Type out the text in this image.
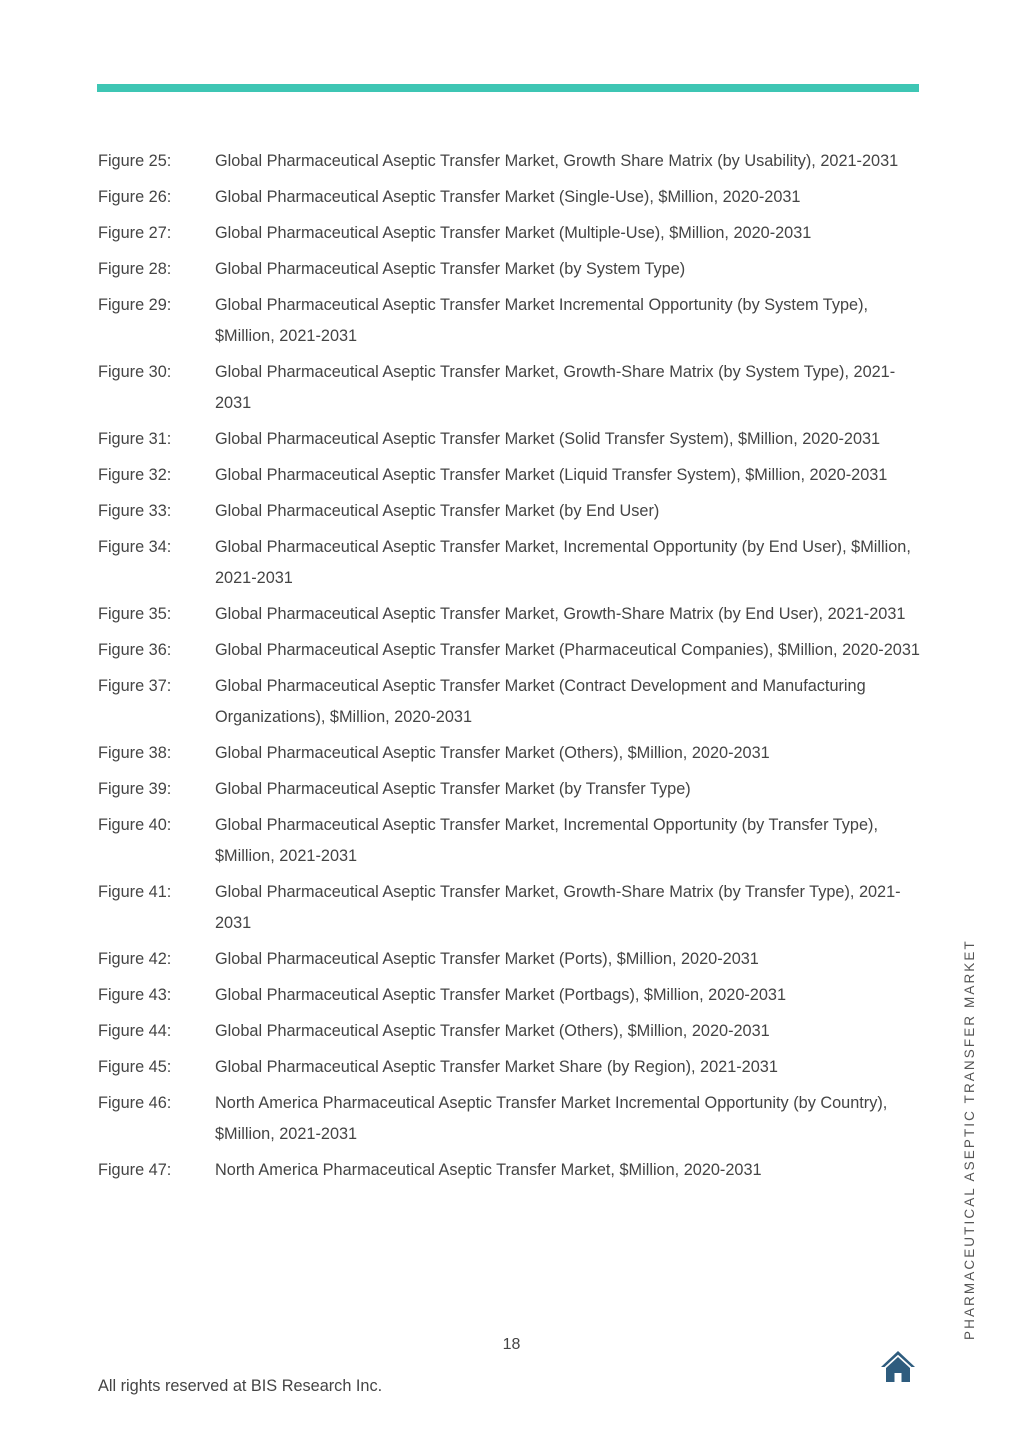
Figure 25:	Global Pharmaceutical Aseptic Transfer Market, Growth Share Matrix (by Usability), 2021-2031
Figure 26:	Global Pharmaceutical Aseptic Transfer Market (Single-Use), $Million, 2020-2031
Figure 27:	Global Pharmaceutical Aseptic Transfer Market (Multiple-Use), $Million, 2020-2031
Figure 28:	Global Pharmaceutical Aseptic Transfer Market (by System Type)
Figure 29:	Global Pharmaceutical Aseptic Transfer Market Incremental Opportunity (by System Type), $Million, 2021-2031
Figure 30:	Global Pharmaceutical Aseptic Transfer Market, Growth-Share Matrix (by System Type), 2021-2031
Figure 31:	Global Pharmaceutical Aseptic Transfer Market (Solid Transfer System), $Million, 2020-2031
Figure 32:	Global Pharmaceutical Aseptic Transfer Market (Liquid Transfer System), $Million, 2020-2031
Figure 33:	Global Pharmaceutical Aseptic Transfer Market (by End User)
Figure 34:	Global Pharmaceutical Aseptic Transfer Market, Incremental Opportunity (by End User), $Million, 2021-2031
Figure 35:	Global Pharmaceutical Aseptic Transfer Market, Growth-Share Matrix (by End User), 2021-2031
Figure 36:	Global Pharmaceutical Aseptic Transfer Market (Pharmaceutical Companies), $Million, 2020-2031
Figure 37:	Global Pharmaceutical Aseptic Transfer Market (Contract Development and Manufacturing Organizations), $Million, 2020-2031
Figure 38:	Global Pharmaceutical Aseptic Transfer Market (Others), $Million, 2020-2031
Figure 39:	Global Pharmaceutical Aseptic Transfer Market (by Transfer Type)
Figure 40:	Global Pharmaceutical Aseptic Transfer Market, Incremental Opportunity (by Transfer Type), $Million, 2021-2031
Figure 41:	Global Pharmaceutical Aseptic Transfer Market, Growth-Share Matrix (by Transfer Type), 2021-2031
Figure 42:	Global Pharmaceutical Aseptic Transfer Market (Ports), $Million, 2020-2031
Figure 43:	Global Pharmaceutical Aseptic Transfer Market (Portbags), $Million, 2020-2031
Figure 44:	Global Pharmaceutical Aseptic Transfer Market (Others), $Million, 2020-2031
Figure 45:	Global Pharmaceutical Aseptic Transfer Market Share (by Region), 2021-2031
Figure 46:	North America Pharmaceutical Aseptic Transfer Market Incremental Opportunity (by Country), $Million, 2021-2031
Figure 47:	North America Pharmaceutical Aseptic Transfer Market, $Million, 2020-2031	PHARMACEUTICAL ASEPTIC TRANSFER MARKET
18
All rights reserved at BIS Research Inc.
